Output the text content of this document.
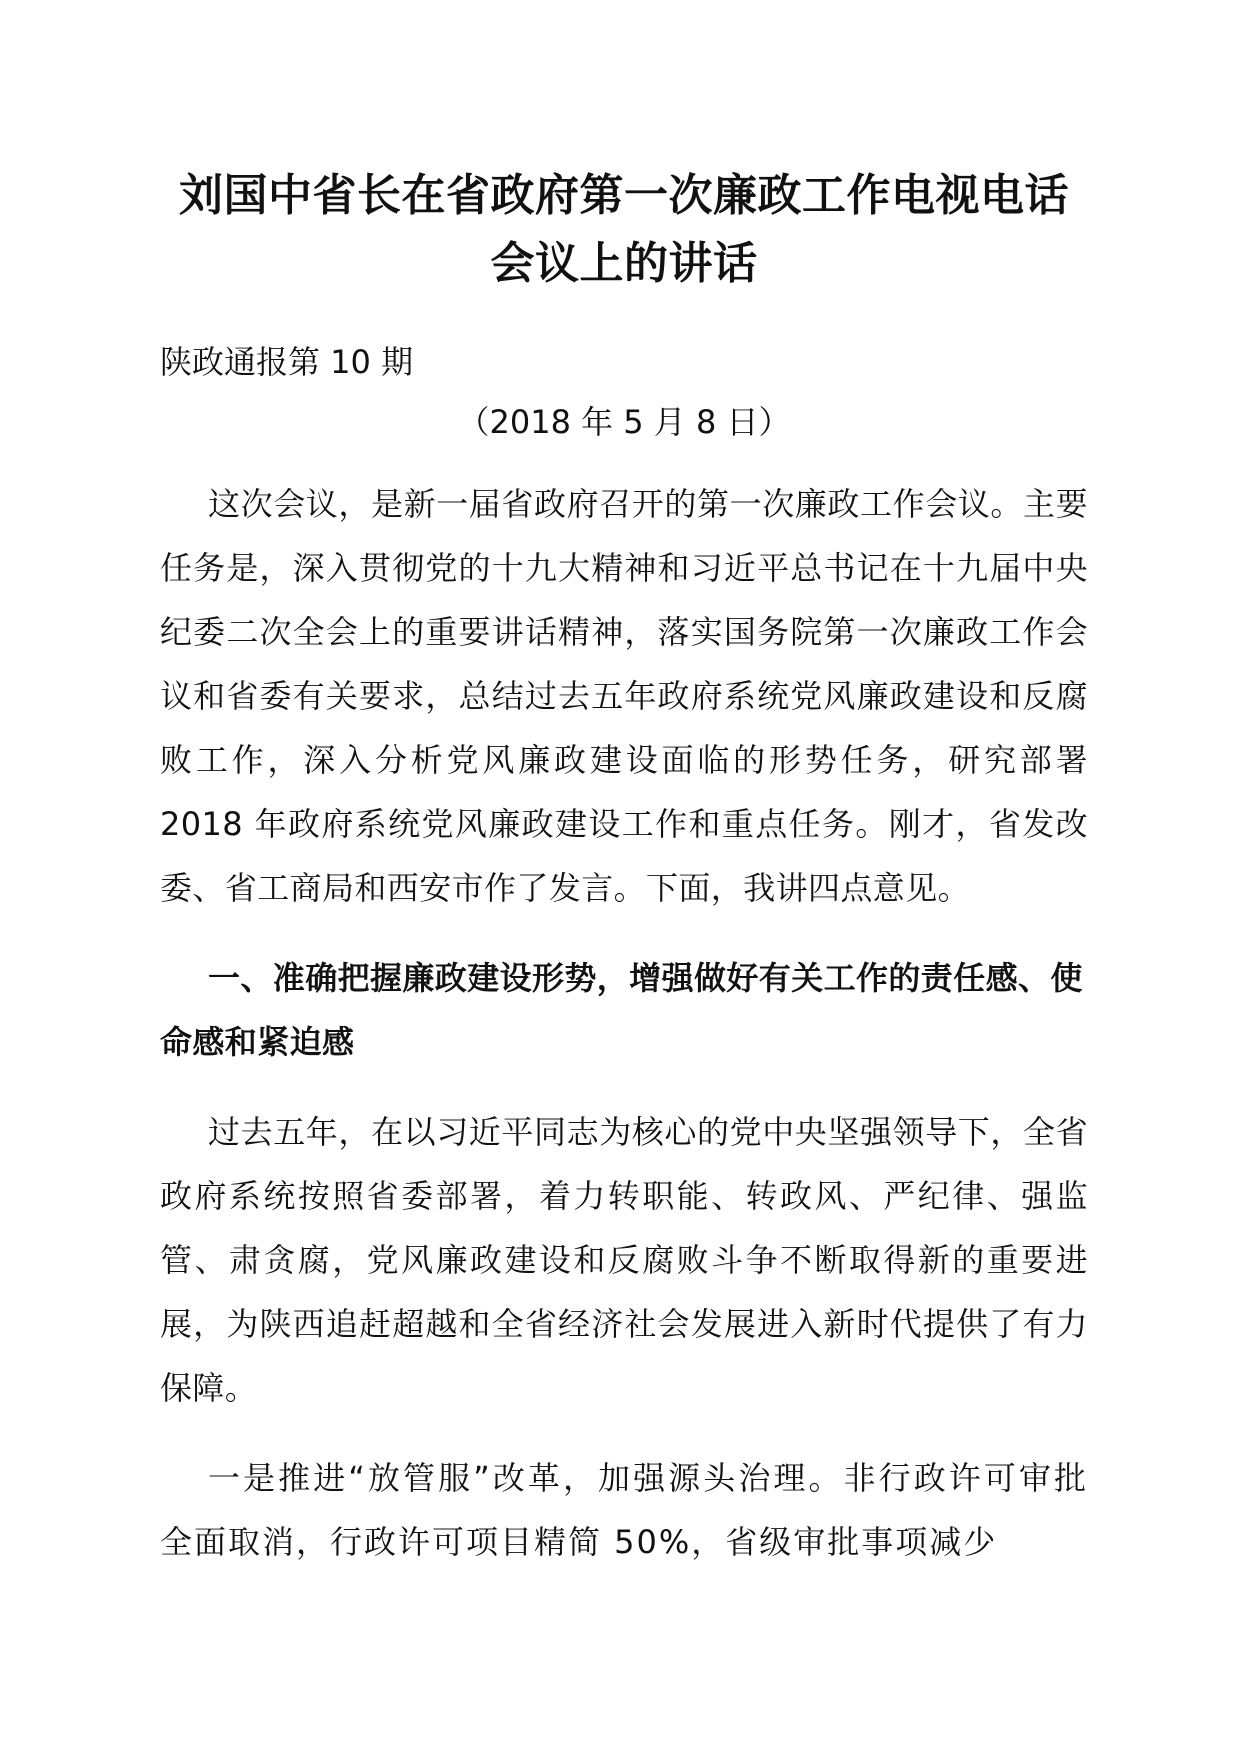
刘国中省长在省政府第一次廉政工作电视电话会议上的讲话

陕政通报第 10 期

（2018 年 5 月 8 日）

这次会议，是新一届省政府召开的第一次廉政工作会议。主要任务是，深入贯彻党的十九大精神和习近平总书记在十九届中央纪委二次全会上的重要讲话精神，落实国务院第一次廉政工作会议和省委有关要求，总结过去五年政府系统党风廉政建设和反腐败工作，深入分析党风廉政建设面临的形势任务，研究部署 2018 年政府系统党风廉政建设工作和重点任务。刚才，省发改委、省工商局和西安市作了发言。下面，我讲四点意见。

一、准确把握廉政建设形势，增强做好有关工作的责任感、使命感和紧迫感

过去五年，在以习近平同志为核心的党中央坚强领导下，全省政府系统按照省委部署，着力转职能、转政风、严纪律、强监管、肃贪腐，党风廉政建设和反腐败斗争不断取得新的重要进展，为陕西追赶超越和全省经济社会发展进入新时代提供了有力保障。

一是推进“放管服”改革，加强源头治理。非行政许可审批全面取消，行政许可项目精简 50%，省级审批事项减少
